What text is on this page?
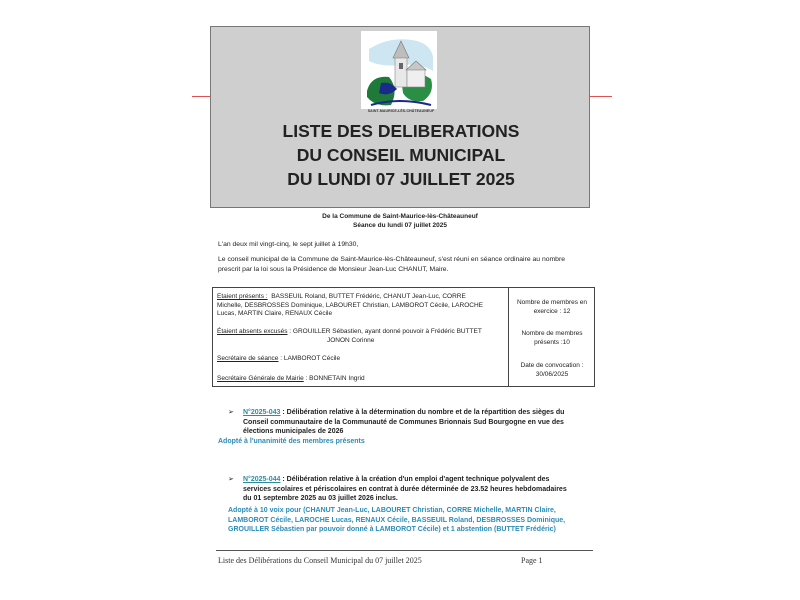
SAINT-MAURICE-LÈS-CHÂTEAUNEUF
LISTE DES DELIBERATIONS
DU CONSEIL MUNICIPAL
DU LUNDI 07 JUILLET 2025
De la Commune de Saint-Maurice-lès-Châteauneuf
Séance du lundi 07 juillet 2025
L'an deux mil vingt-cinq, le sept juillet à 19h30,
Le conseil municipal de la Commune de Saint-Maurice-lès-Châteauneuf, s'est réuni en séance ordinaire au nombre
prescrit par la loi sous la Présidence de Monsieur Jean-Luc CHANUT, Maire.
Etaient présents : BASSEUIL Roland, BUTTET Frédéric, CHANUT Jean-Luc, CORRE
Michelle, DESBROSSES Dominique, LABOURET Christian, LAMBOROT Cécile, LAROCHE
Lucas, MARTIN Claire, RENAUX Cécile
Étaient absents excusés : GROUILLER Sébastien, ayant donné pouvoir à Frédéric BUTTET
JONON Corinne
Secrétaire de séance : LAMBOROT Cécile
Secrétaire Générale de Mairie : BONNETAIN Ingrid
Nombre de membres en
exercice : 12
Nombre de membres
présents :10
Date de convocation :
30/06/2025
➢ N°2025-043 : Délibération relative à la détermination du nombre et de la répartition des sièges du
Conseil communautaire de la Communauté de Communes Brionnais Sud Bourgogne en vue des
élections municipales de 2026
Adopté à l'unanimité des membres présents
➢ N°2025-044 : Délibération relative à la création d'un emploi d'agent technique polyvalent des
services scolaires et périscolaires en contrat à durée déterminée de 23.52 heures hebdomadaires
du 01 septembre 2025 au 03 juillet 2026 inclus.
Adopté à 10 voix pour (CHANUT Jean-Luc, LABOURET Christian, CORRE Michelle, MARTIN Claire,
LAMBOROT Cécile, LAROCHE Lucas, RENAUX Cécile, BASSEUIL Roland, DESBROSSES Dominique,
GROUILLER Sébastien par pouvoir donné à LAMBOROT Cécile) et 1 abstention (BUTTET Frédéric)
Liste des Délibérations du Conseil Municipal du 07 juillet 2025	Page 1
